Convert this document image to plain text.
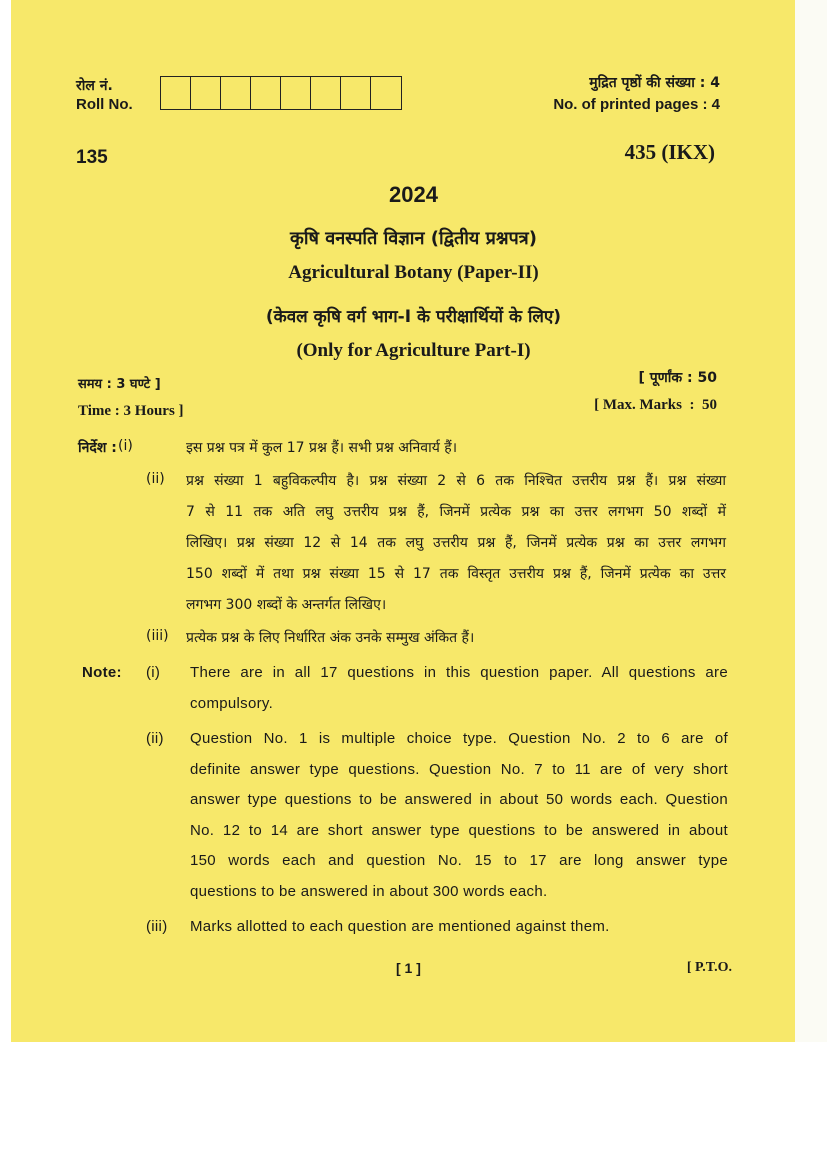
रोल नं.
Roll No.
मुद्रित पृष्ठों की संख्या : 4
No. of printed pages : 4
135	435 (IKX)
2024
कृषि वनस्पति विज्ञान (द्वितीय प्रश्नपत्र)
Agricultural Botany (Paper-II)
(केवल कृषि वर्ग भाग-I के परीक्षार्थियों के लिए)
(Only for Agriculture Part-I)
समय : 3 घण्टे ]
Time : 3 Hours ]
[ पूर्णांक : 50
[ Max. Marks  :  50
[ 1 ]	[ P.T.O.
निर्देश : (i)	इस प्रश्न पत्र में कुल 17 प्रश्न हैं। सभी प्रश्न अनिवार्य हैं।
(ii) प्रश्न संख्या 1 बहुविकल्पीय है। प्रश्न संख्या 2 से 6 तक निश्चित उत्तरीय प्रश्न हैं। प्रश्न संख्या
7 से 11 तक अति लघु उत्तरीय प्रश्न हैं, जिनमें प्रत्येक प्रश्न का उत्तर लगभग 50 शब्दों में
लिखिए। प्रश्न संख्या 12 से 14 तक लघु उत्तरीय प्रश्न हैं, जिनमें प्रत्येक प्रश्न का उत्तर लगभग
150 शब्दों में तथा प्रश्न संख्या 15 से 17 तक विस्तृत उत्तरीय प्रश्न हैं, जिनमें प्रत्येक का उत्तर
लगभग 300 शब्दों के अन्तर्गत लिखिए।
(iii) प्रत्येक प्रश्न के लिए निर्धारित अंक उनके सम्मुख अंकित हैं।
Note: (i) There are in all 17 questions in this question paper. All questions are
compulsory.
(ii) Question No. 1 is multiple choice type. Question No. 2 to 6 are of
definite answer type questions. Question No. 7 to 11 are of very short
answer type questions to be answered in about 50 words each. Question
No. 12 to 14 are short answer type questions to be answered in about
150 words each and question No. 15 to 17 are long answer type
questions to be answered in about 300 words each.
(iii) Marks allotted to each question are mentioned against them.
